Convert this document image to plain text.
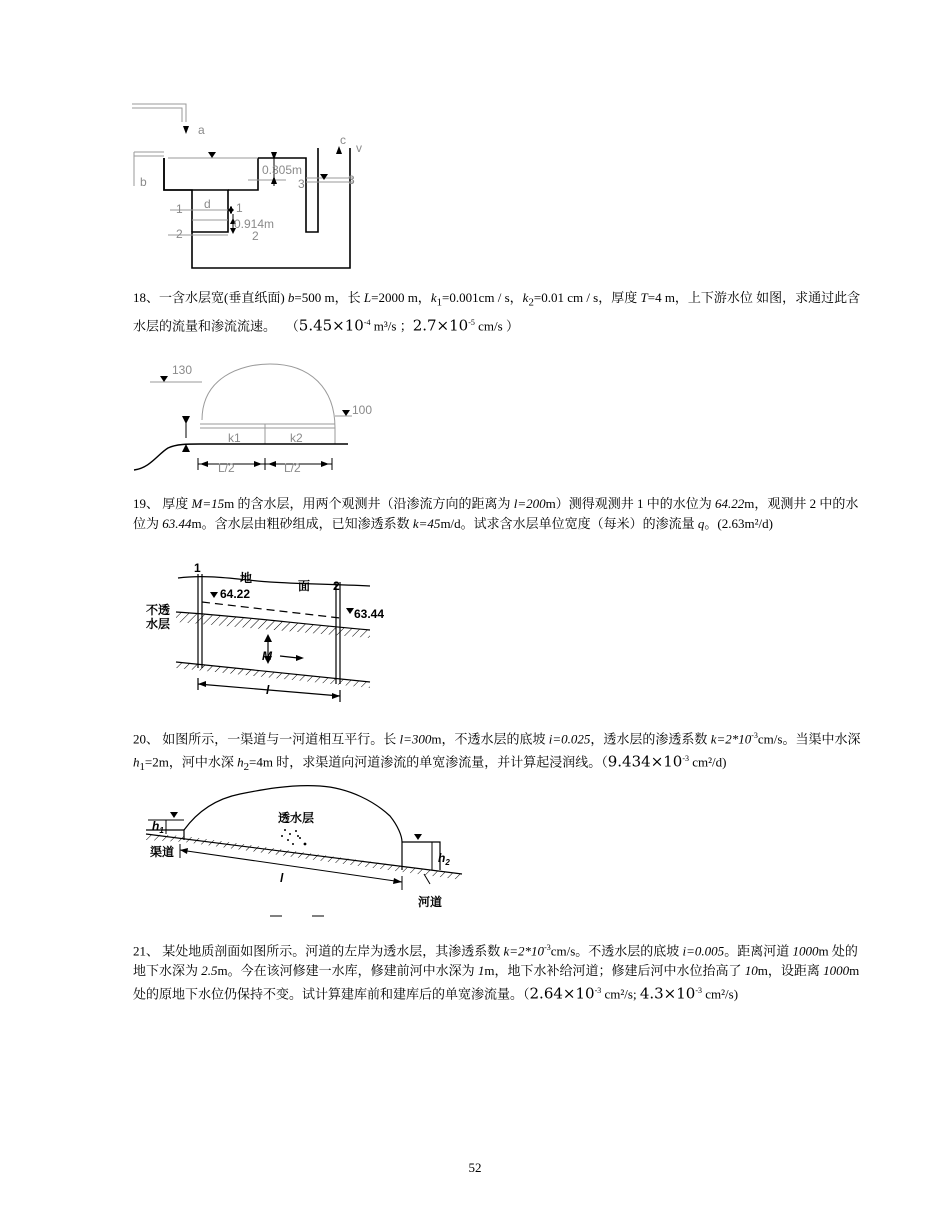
a
b
c
v
d
0.305m
0.914m
1	1
2	2
3	3
18、一含水层宽(垂直纸面) b=500 m，长 L=2000 m，$k_1=0.001cm / s$，$k_2=0.01$ cm / s，厚度 T=4 m，上下游水位 如图，求通过此含水层的流量和渗流流速。   （$5.45\times 10^{-4}$ m³/s ；$2.7\times 10^{-5}$ cm/s ）
130
100
k1	k2
L/2	L/2
19、 厚度 M=15m 的含水层，用两个观测井（沿渗流方向的距离为 l=200m）测得观测井 1 中的水位为 64.22m，观测井 2 中的水位为 63.44m。含水层由粗砂组成，已知渗透系数 k=45m/d。试求含水层单位宽度（每米）的渗流量 q。(2.63m²/d)
1
2
地
面
64.22
63.44
不透
水层
M
l
20、 如图所示，一渠道与一河道相互平行。长 l=300m，不透水层的底坡 i=0.025，透水层的渗透系数 $k=2*10^{-3}cm/s$。当渠中水深 $h_1=2m$，河中水深 $h_2=4m$ 时，求渠道向河道渗流的单宽渗流量，并计算起浸润线。（$9.434\times 10^{-3}$ cm²/d)
$h_1$
$h_2$
透水层
渠道
河道
l
21、 某处地质剖面如图所示。河道的左岸为透水层，其渗透系数 $k=2*10^{-3}cm/s$。不透水层的底坡 i=0.005。距离河道 1000m 处的地下水深为 2.5m。今在该河修建一水库，修建前河中水深为 1m，地下水补给河道；修建后河中水位抬高了 10m，设距离 1000m 处的原地下水位仍保持不变。试计算建库前和建库后的单宽渗流量。（$2.64\times 10^{-3}$ cm²/s; $4.3\times 10^{-3}$ cm²/s)
52
